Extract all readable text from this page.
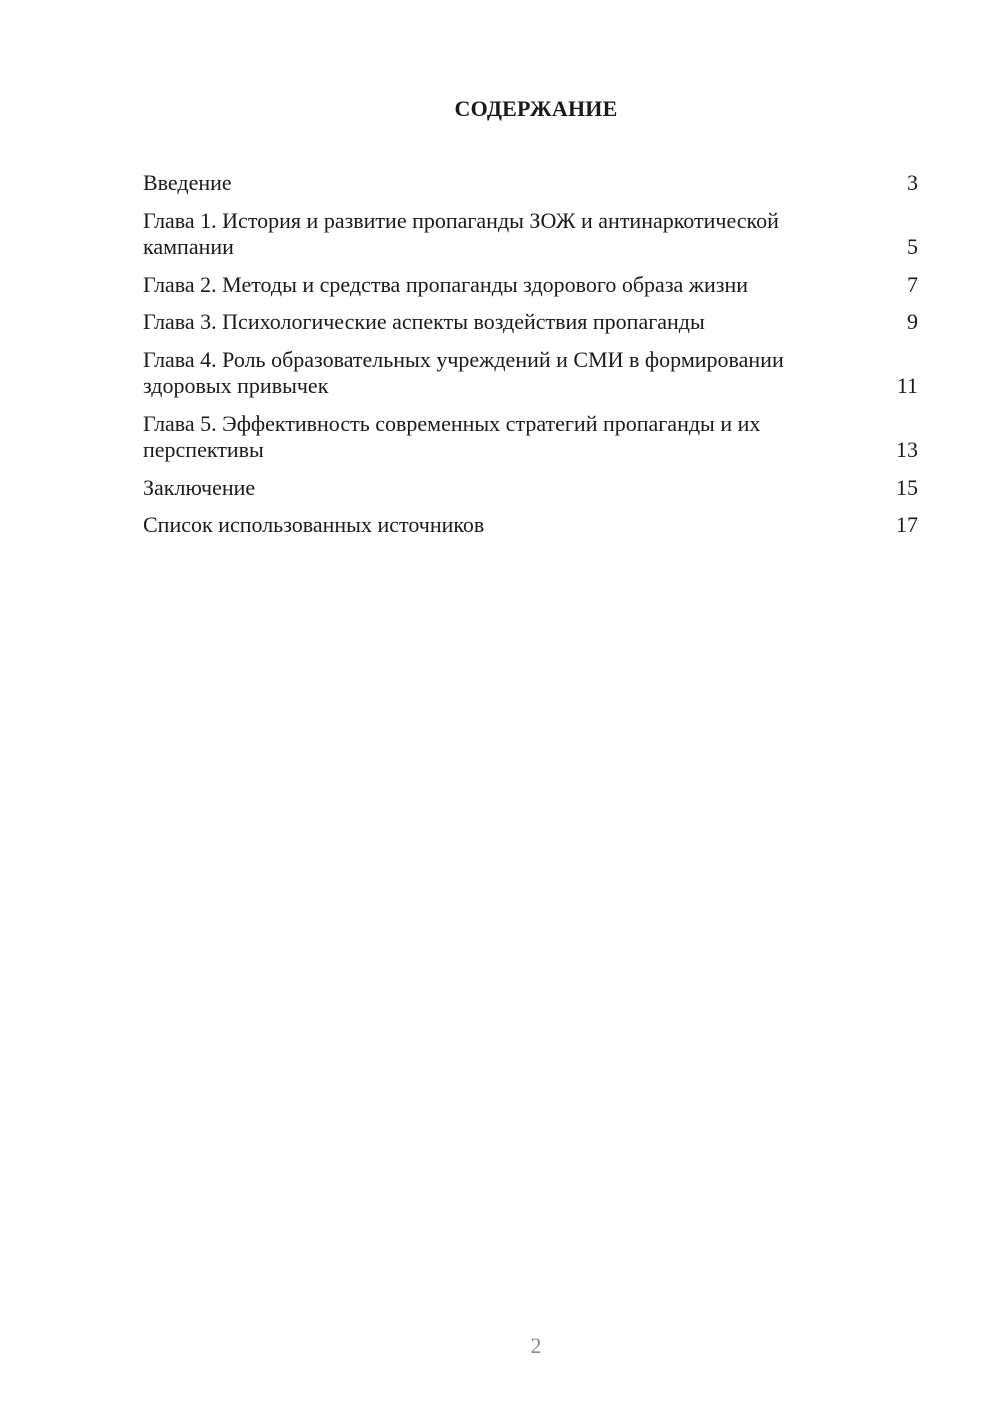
СОДЕРЖАНИЕ
Введение	3
Глава 1. История и развитие пропаганды ЗОЖ и антинаркотической кампании	5
Глава 2. Методы и средства пропаганды здорового образа жизни	7
Глава 3. Психологические аспекты воздействия пропаганды	9
Глава 4. Роль образовательных учреждений и СМИ в формировании здоровых привычек	11
Глава 5. Эффективность современных стратегий пропаганды и их перспективы	13
Заключение	15
Список использованных источников	17
2
